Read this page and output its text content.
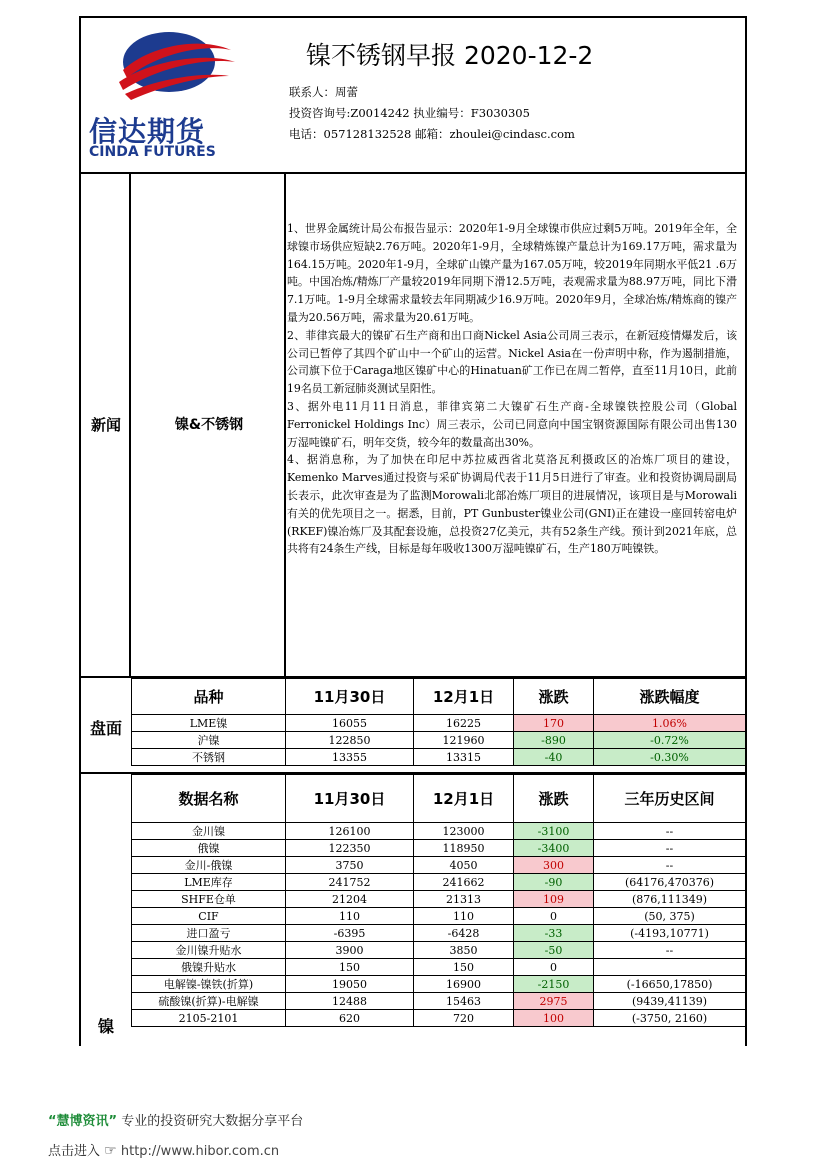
信达期货
CINDA FUTURES
镍不锈钢早报 2020-12-2
联系人：周蕾
投资咨询号:Z0014242 执业编号：F3030305
电话：057128132528 邮箱：zhoulei@cindasc.com
新闻	镍&不锈钢

1、世界金属统计局公布报告显示：2020年1-9月全球镍市供应过剩5万吨。2019年全年，全球镍市场供应短缺2.76万吨。2020年1-9月，全球精炼镍产量总计为169.17万吨，需求量为164.15万吨。2020年1-9月，全球矿山镍产量为167.05万吨，较2019年同期水平低21 .6万吨。中国冶炼/精炼厂产量较2019年同期下滑12.5万吨，表观需求量为88.97万吨，同比下滑7.1万吨。1-9月全球需求量较去年同期减少16.9万吨。2020年9月，全球冶炼/精炼商的镍产量为20.56万吨，需求量为20.61万吨。

2、菲律宾最大的镍矿石生产商和出口商Nickel Asia公司周三表示，在新冠疫情爆发后，该公司已暂停了其四个矿山中一个矿山的运营。Nickel Asia在一份声明中称，作为遏制措施，公司旗下位于Caraga地区镍矿中心的Hinatuan矿工作已在周二暂停，直至11月10日，此前19名员工新冠肺炎测试呈阳性。

3、据外电11月11日消息，菲律宾第二大镍矿石生产商-全球镍铁控股公司（Global Ferronickel Holdings Inc）周三表示，公司已同意向中国宝钢资源国际有限公司出售130万湿吨镍矿石，明年交货，较今年的数量高出30%。

4、据消息称，为了加快在印尼中苏拉威西省北莫洛瓦利摄政区的冶炼厂项目的建设，Kemenko Marves通过投资与采矿协调局代表于11月5日进行了审查。业和投资协调局副局长表示，此次审查是为了监测Morowali北部冶炼厂项目的进展情况，该项目是与Morowali有关的优先项目之一。据悉，目前，PT Gunbuster镍业公司(GNI)正在建设一座回转窑电炉(RKEF)镍冶炼厂及其配套设施，总投资27亿美元，共有52条生产线。预计到2021年底，总共将有24条生产线，目标是每年吸收1300万湿吨镍矿石，生产180万吨镍铁。

盘面
品种	11月30日	12月1日	涨跌	涨跌幅度
LME镍	16055	16225	170	1.06%
沪镍	122850	121960	-890	-0.72%
不锈钢	13355	13315	-40	-0.30%
镍
数据名称	11月30日	12月1日	涨跌	三年历史区间
金川镍	126100	123000	-3100	--
俄镍	122350	118950	-3400	--
金川-俄镍	3750	4050	300	--
LME库存	241752	241662	-90	(64176,470376)
SHFE仓单	21204	21313	109	(876,111349)
CIF	110	110	0	(50, 375)
进口盈亏	-6395	-6428	-33	(-4193,10771)
金川镍升贴水	3900	3850	-50	--
俄镍升贴水	150	150	0	
电解镍-镍铁(折算)	19050	16900	-2150	(-16650,17850)
硫酸镍(折算)-电解镍	12488	15463	2975	(9439,41139)
2105-2101	620	720	100	(-3750, 2160)
“慧博资讯” 专业的投资研究大数据分享平台
点击进入 ☞ http://www.hibor.com.cn
